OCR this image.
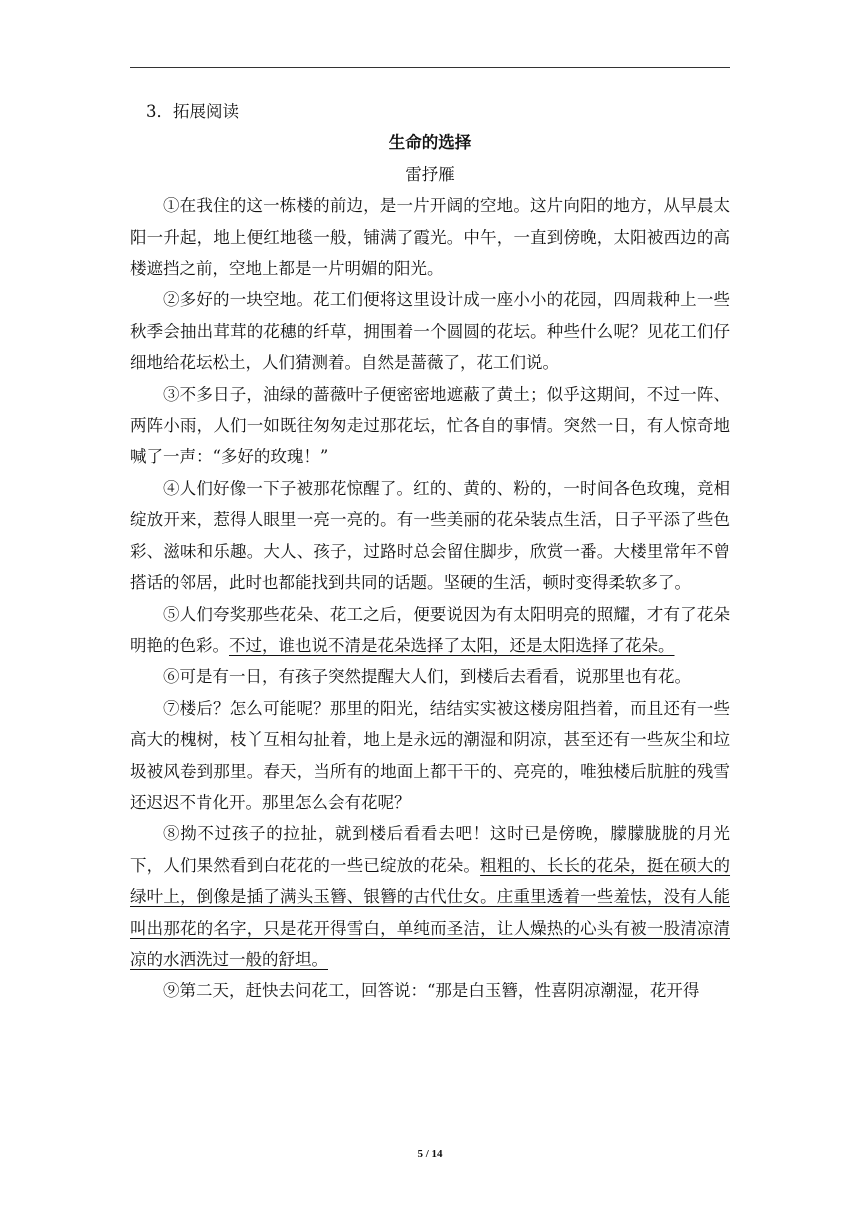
3．拓展阅读

生命的选择

雷抒雁

①在我住的这一栋楼的前边，是一片开阔的空地。这片向阳的地方，从早晨太阳一升起，地上便红地毯一般，铺满了霞光。中午，一直到傍晚，太阳被西边的高楼遮挡之前，空地上都是一片明媚的阳光。

②多好的一块空地。花工们便将这里设计成一座小小的花园，四周栽种上一些秋季会抽出茸茸的花穗的纤草，拥围着一个圆圆的花坛。种些什么呢？见花工们仔细地给花坛松土，人们猜测着。自然是蔷薇了，花工们说。

③不多日子，油绿的蔷薇叶子便密密地遮蔽了黄土；似乎这期间，不过一阵、两阵小雨，人们一如既往匆匆走过那花坛，忙各自的事情。突然一日，有人惊奇地喊了一声：“多好的玫瑰！”

④人们好像一下子被那花惊醒了。红的、黄的、粉的，一时间各色玫瑰，竞相绽放开来，惹得人眼里一亮一亮的。有一些美丽的花朵装点生活，日子平添了些色彩、滋味和乐趣。大人、孩子，过路时总会留住脚步，欣赏一番。大楼里常年不曾搭话的邻居，此时也都能找到共同的话题。坚硬的生活，顿时变得柔软多了。

⑤人们夸奖那些花朵、花工之后，便要说因为有太阳明亮的照耀，才有了花朵明艳的色彩。不过，谁也说不清是花朵选择了太阳，还是太阳选择了花朵。

⑥可是有一日，有孩子突然提醒大人们，到楼后去看看，说那里也有花。

⑦楼后？怎么可能呢？那里的阳光，结结实实被这楼房阻挡着，而且还有一些高大的槐树，枝丫互相勾扯着，地上是永远的潮湿和阴凉，甚至还有一些灰尘和垃圾被风卷到那里。春天，当所有的地面上都干干的、亮亮的，唯独楼后肮脏的残雪还迟迟不肯化开。那里怎么会有花呢？

⑧拗不过孩子的拉扯，就到楼后看看去吧！这时已是傍晚，朦朦胧胧的月光下，人们果然看到白花花的一些已绽放的花朵。粗粗的、长长的花朵，挺在硕大的绿叶上，倒像是插了满头玉簪、银簪的古代仕女。庄重里透着一些羞怯，没有人能叫出那花的名字，只是花开得雪白，单纯而圣洁，让人燥热的心头有被一股清凉清凉的水洒洗过一般的舒坦。

⑨第二天，赶快去问花工，回答说：“那是白玉簪，性喜阴凉潮湿，花开得

5 / 14
